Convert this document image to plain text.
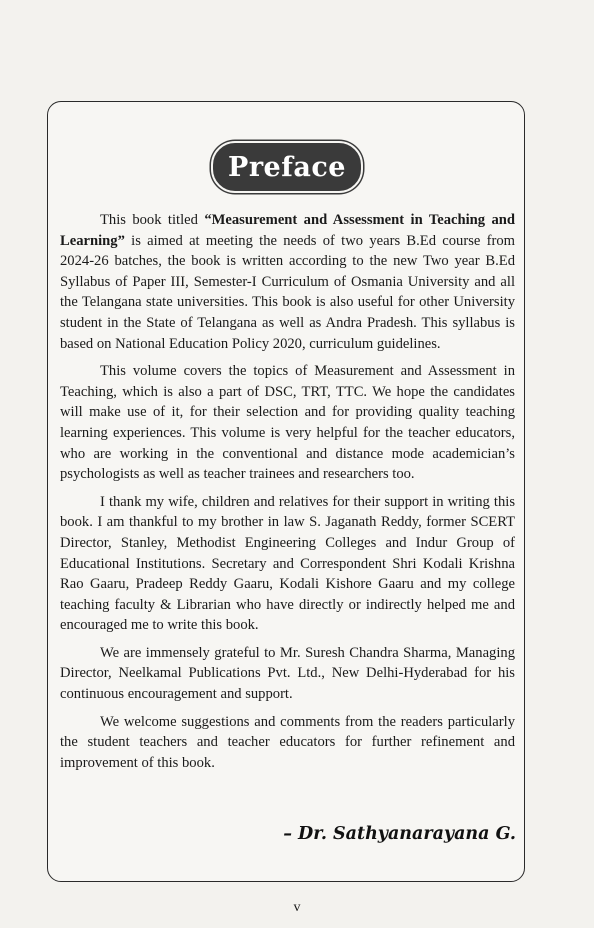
Preface

This book titled “Measurement and Assessment in Teaching and Learning” is aimed at meeting the needs of two years B.Ed course from 2024-26 batches, the book is written according to the new Two year B.Ed Syllabus of Paper III, Semester-I Curriculum of Osmania University and all the Telangana state universities. This book is also useful for other University student in the State of Telangana as well as Andra Pradesh. This syllabus is based on National Education Policy 2020, curriculum guidelines.

This volume covers the topics of Measurement and Assessment in Teaching, which is also a part of DSC, TRT, TTC. We hope the candidates will make use of it, for their selection and for providing quality teaching learning experiences. This volume is very helpful for the teacher educators, who are working in the conventional and distance mode academician’s psychologists as well as teacher trainees and researchers too.

I thank my wife, children and relatives for their support in writing this book. I am thankful to my brother in law S. Jaganath Reddy, former SCERT Director, Stanley, Methodist Engineering Colleges and Indur Group of Educational Institutions. Secretary and Correspondent Shri Kodali Krishna Rao Gaaru, Pradeep Reddy Gaaru, Kodali Kishore Gaaru and my college teaching faculty & Librarian who have directly or indirectly helped me and encouraged me to write this book.

We are immensely grateful to Mr. Suresh Chandra Sharma, Managing Director, Neelkamal Publications Pvt. Ltd., New Delhi-Hyderabad for his continuous encouragement and support.

We welcome suggestions and comments from the readers particularly the student teachers and teacher educators for further refinement and improvement of this book.

– Dr. Sathyanarayana G.
v
